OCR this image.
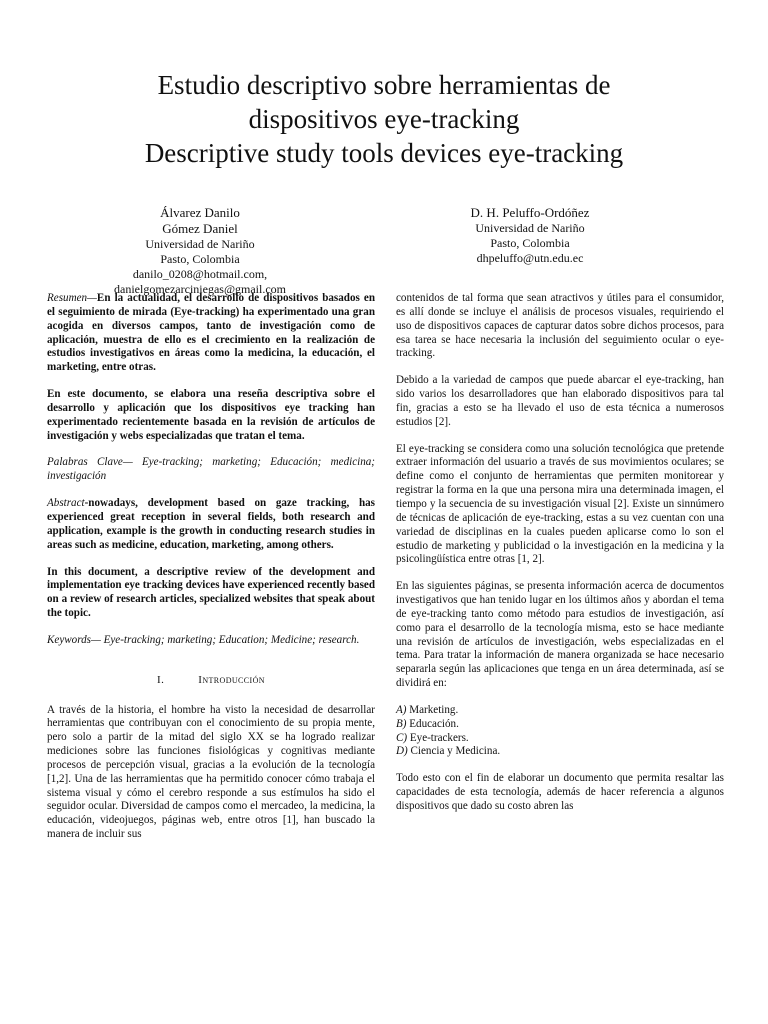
Estudio descriptivo sobre herramientas de
dispositivos eye-tracking
Descriptive study tools devices eye-tracking
Álvarez Danilo
Gómez Daniel
Universidad de Nariño
Pasto, Colombia
danilo_0208@hotmail.com,
danielgomezarciniegas@gmail.com
D. H. Peluffo-Ordóñez
Universidad de Nariño
Pasto, Colombia
dhpeluffo@utn.edu.ec

Resumen—En la actualidad, el desarrollo de dispositivos basados en el seguimiento de mirada (Eye-tracking) ha experimentado una gran acogida en diversos campos, tanto de investigación como de aplicación, muestra de ello es el crecimiento en la realización de estudios investigativos en áreas como la medicina, la educación, el marketing, entre otras.

En este documento, se elabora una reseña descriptiva sobre el desarrollo y aplicación que los dispositivos eye tracking han experimentado recientemente basada en la revisión de artículos de investigación y webs especializadas que tratan el tema.

Palabras Clave— Eye-tracking; marketing; Educación; medicina; investigación

Abstract-nowadays, development based on gaze tracking, has experienced great reception in several fields, both research and application, example is the growth in conducting research studies in areas such as medicine, education, marketing, among others.

In this document, a descriptive review of the development and implementation eye tracking devices have experienced recently based on a review of research articles, specialized websites that speak about the topic.

Keywords— Eye-tracking; marketing; Education; Medicine; research.

I.	Introducción

A través de la historia, el hombre ha visto la necesidad de desarrollar herramientas que contribuyan con el conocimiento de su propia mente, pero solo a partir de la mitad del siglo XX se ha logrado realizar mediciones sobre las funciones fisiológicas y cognitivas mediante procesos de percepción visual, gracias a la evolución de la tecnología [1,2]. Una de las herramientas que ha permitido conocer cómo trabaja el sistema visual y cómo el cerebro responde a sus estímulos ha sido el seguidor ocular. Diversidad de campos como el mercadeo, la medicina, la educación, videojuegos, páginas web, entre otros [1], han buscado la manera de incluir sus

contenidos de tal forma que sean atractivos y útiles para el consumidor, es allí donde se incluye el análisis de procesos visuales, requiriendo el uso de dispositivos capaces de capturar datos sobre dichos procesos, para esa tarea se hace necesaria la inclusión del seguimiento ocular o eye-tracking.

Debido a la variedad de campos que puede abarcar el eye-tracking, han sido varios los desarrolladores que han elaborado dispositivos para tal fin, gracias a esto se ha llevado el uso de esta técnica a numerosos estudios [2].

El eye-tracking se considera como una solución tecnológica que pretende extraer información del usuario a través de sus movimientos oculares; se define como el conjunto de herramientas que permiten monitorear y registrar la forma en la que una persona mira una determinada imagen, el tiempo y la secuencia de su investigación visual [2]. Existe un sinnúmero de técnicas de aplicación de eye-tracking, estas a su vez cuentan con una variedad de disciplinas en la cuales pueden aplicarse como lo son el estudio de marketing y publicidad o la investigación en la medicina y la psicolingüística entre otras [1, 2].

En las siguientes páginas, se presenta información acerca de documentos investigativos que han tenido lugar en los últimos años y abordan el tema de eye-tracking tanto como método para estudios de investigación, así como para el desarrollo de la tecnología misma, esto se hace mediante una revisión de artículos de investigación, webs especializadas en el tema. Para tratar la información de manera organizada se hace necesario separarla según las aplicaciones que tenga en un área determinada, así se dividirá en:

A) Marketing.
B) Educación.
C) Eye-trackers.
D) Ciencia y Medicina.

Todo esto con el fin de elaborar un documento que permita resaltar las capacidades de esta tecnología, además de hacer referencia a algunos dispositivos que dado su costo abren las
